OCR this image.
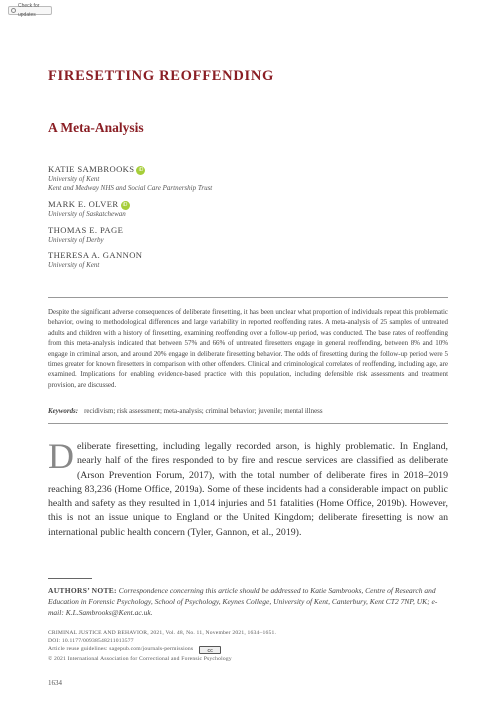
Check for updates
FIRESETTING REOFFENDING
A Meta-Analysis
KATIE SAMBROOKS iD
University of Kent
Kent and Medway NHS and Social Care Partnership Trust
MARK E. OLVER iD
University of Saskatchewan
THOMAS E. PAGE
University of Derby
THERESA A. GANNON
University of Kent
Despite the significant adverse consequences of deliberate firesetting, it has been unclear what proportion of individuals repeat this problematic behavior, owing to methodological differences and large variability in reported reoffending rates. A meta-analysis of 25 samples of untreated adults and children with a history of firesetting, examining reoffending over a follow-up period, was conducted. The base rates of reoffending from this meta-analysis indicated that between 57% and 66% of untreated firesetters engage in general reoffending, between 8% and 10% engage in criminal arson, and around 20% engage in deliberate firesetting behavior. The odds of firesetting during the follow-up period were 5 times greater for known firesetters in comparison with other offenders. Clinical and criminological correlates of reoffending, including age, are examined. Implications for enabling evidence-based practice with this population, including defensible risk assessments and treatment provision, are discussed.
Keywords: recidivism; risk assessment; meta-analysis; criminal behavior; juvenile; mental illness
Deliberate firesetting, including legally recorded arson, is highly problematic. In England, nearly half of the fires responded to by fire and rescue services are classified as deliberate (Arson Prevention Forum, 2017), with the total number of deliberate fires in 2018–2019 reaching 83,236 (Home Office, 2019a). Some of these incidents had a considerable impact on public health and safety as they resulted in 1,014 injuries and 51 fatalities (Home Office, 2019b). However, this is not an issue unique to England or the United Kingdom; deliberate firesetting is now an international public health concern (Tyler, Gannon, et al., 2019).
AUTHORS’ NOTE: Correspondence concerning this article should be addressed to Katie Sambrooks, Centre of Research and Education in Forensic Psychology, School of Psychology, Keynes College, University of Kent, Canterbury, Kent CT2 7NP, UK; e-mail: K.L.Sambrooks@Kent.ac.uk.
CRIMINAL JUSTICE AND BEHAVIOR, 2021, Vol. 48, No. 11, November 2021, 1634–1651.
DOI: 10.1177/00938548211013577
Article reuse guidelines: sagepub.com/journals-permissions	cc
© 2021 International Association for Correctional and Forensic Psychology
1634
